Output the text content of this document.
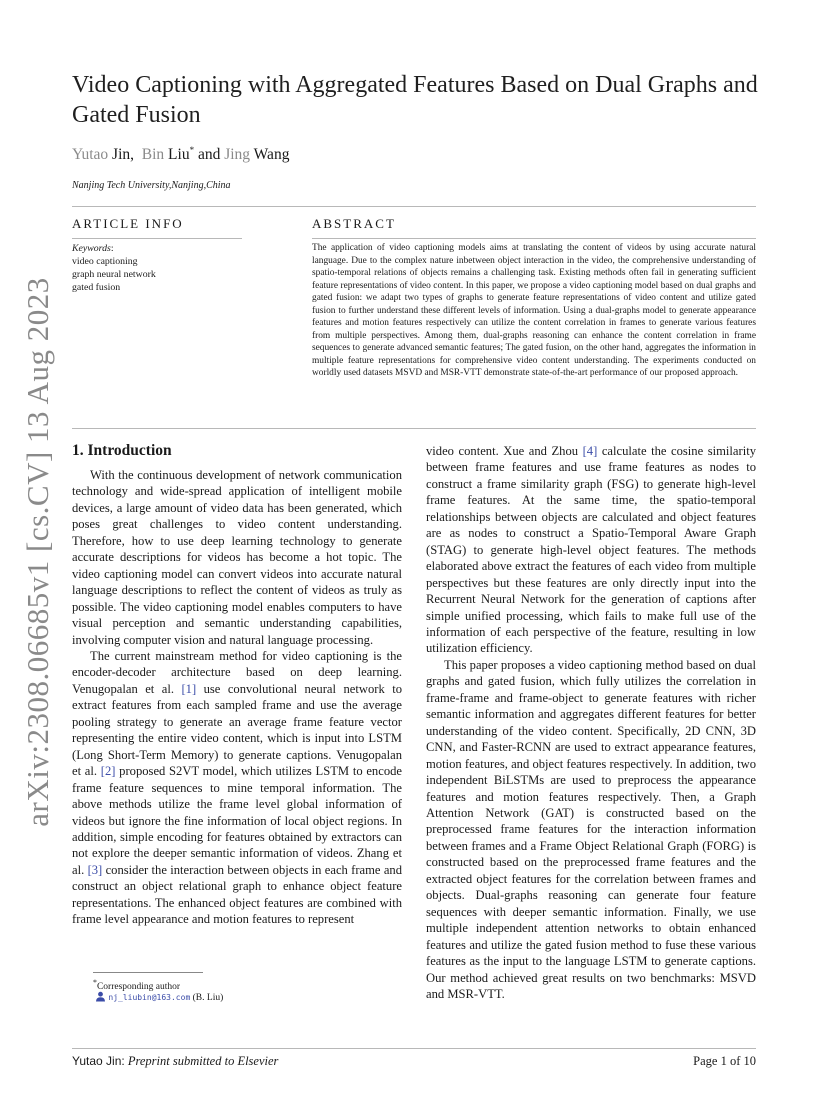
arXiv:2308.06685v1 [cs.CV] 13 Aug 2023
Video Captioning with Aggregated Features Based on Dual Graphs and Gated Fusion
Yutao Jin,  Bin Liu* and Jing Wang
Nanjing Tech University,Nanjing,China
ARTICLE INFO	ABSTRACT
Keywords:
video captioning
graph neural network
gated fusion
The application of video captioning models aims at translating the content of videos by using accurate natural language. Due to the complex nature inbetween object interaction in the video, the comprehensive understanding of spatio-temporal relations of objects remains a challenging task. Existing methods often fail in generating sufficient feature representations of video content. In this paper, we propose a video captioning model based on dual graphs and gated fusion: we adapt two types of graphs to generate feature representations of video content and utilize gated fusion to further understand these different levels of information. Using a dual-graphs model to generate appearance features and motion features respectively can utilize the content correlation in frames to generate various features from multiple perspectives. Among them, dual-graphs reasoning can enhance the content correlation in frame sequences to generate advanced semantic features; The gated fusion, on the other hand, aggregates the information in multiple feature representations for comprehensive video content understanding. The experiments conducted on worldly used datasets MSVD and MSR-VTT demonstrate state-of-the-art performance of our proposed approach.
1. Introduction

With the continuous development of network communication technology and wide-spread application of intelligent mobile devices, a large amount of video data has been generated, which poses great challenges to video content understanding. Therefore, how to use deep learning technology to generate accurate descriptions for videos has become a hot topic. The video captioning model can convert videos into accurate natural language descriptions to reflect the content of videos as truly as possible. The video captioning model enables computers to have visual perception and semantic understanding capabilities, involving computer vision and natural language processing.

The current mainstream method for video captioning is the encoder-decoder architecture based on deep learning. Venugopalan et al. [1] use convolutional neural network to extract features from each sampled frame and use the average pooling strategy to generate an average frame feature vector representing the entire video content, which is input into LSTM (Long Short-Term Memory) to generate captions. Venugopalan et al. [2] proposed S2VT model, which utilizes LSTM to encode frame feature sequences to mine temporal information. The above methods utilize the frame level global information of videos but ignore the fine information of local object regions. In addition, simple encoding for features obtained by extractors can not explore the deeper semantic information of videos. Zhang et al. [3] consider the interaction between objects in each frame and construct an object relational graph to enhance object feature representations. The enhanced object features are combined with frame level appearance and motion features to represent

video content. Xue and Zhou [4] calculate the cosine similarity between frame features and use frame features as nodes to construct a frame similarity graph (FSG) to generate high-level frame features. At the same time, the spatio-temporal relationships between objects are calculated and object features are as nodes to construct a Spatio-Temporal Aware Graph (STAG) to generate high-level object features. The methods elaborated above extract the features of each video from multiple perspectives but these features are only directly input into the Recurrent Neural Network for the generation of captions after simple unified processing, which fails to make full use of the information of each perspective of the feature, resulting in low utilization efficiency.

This paper proposes a video captioning method based on dual graphs and gated fusion, which fully utilizes the correlation in frame-frame and frame-object to generate features with richer semantic information and aggregates different features for better understanding of the video content. Specifically, 2D CNN, 3D CNN, and Faster-RCNN are used to extract appearance features, motion features, and object features respectively. In addition, two independent BiLSTMs are used to preprocess the appearance features and motion features respectively. Then, a Graph Attention Network (GAT) is constructed based on the preprocessed frame features for the interaction information between frames and a Frame Object Relational Graph (FORG) is constructed based on the preprocessed frame features and the extracted object features for the correlation between frames and objects. Dual-graphs reasoning can generate four feature sequences with deeper semantic information. Finally, we use multiple independent attention networks to obtain enhanced features and utilize the gated fusion method to fuse these various features as the input to the language LSTM to generate captions. Our method achieved great results on two benchmarks: MSVD and MSR-VTT.

*Corresponding author
nj_liubin@163.com (B. Liu)
Yutao Jin: Preprint submitted to Elsevier	Page 1 of 10
